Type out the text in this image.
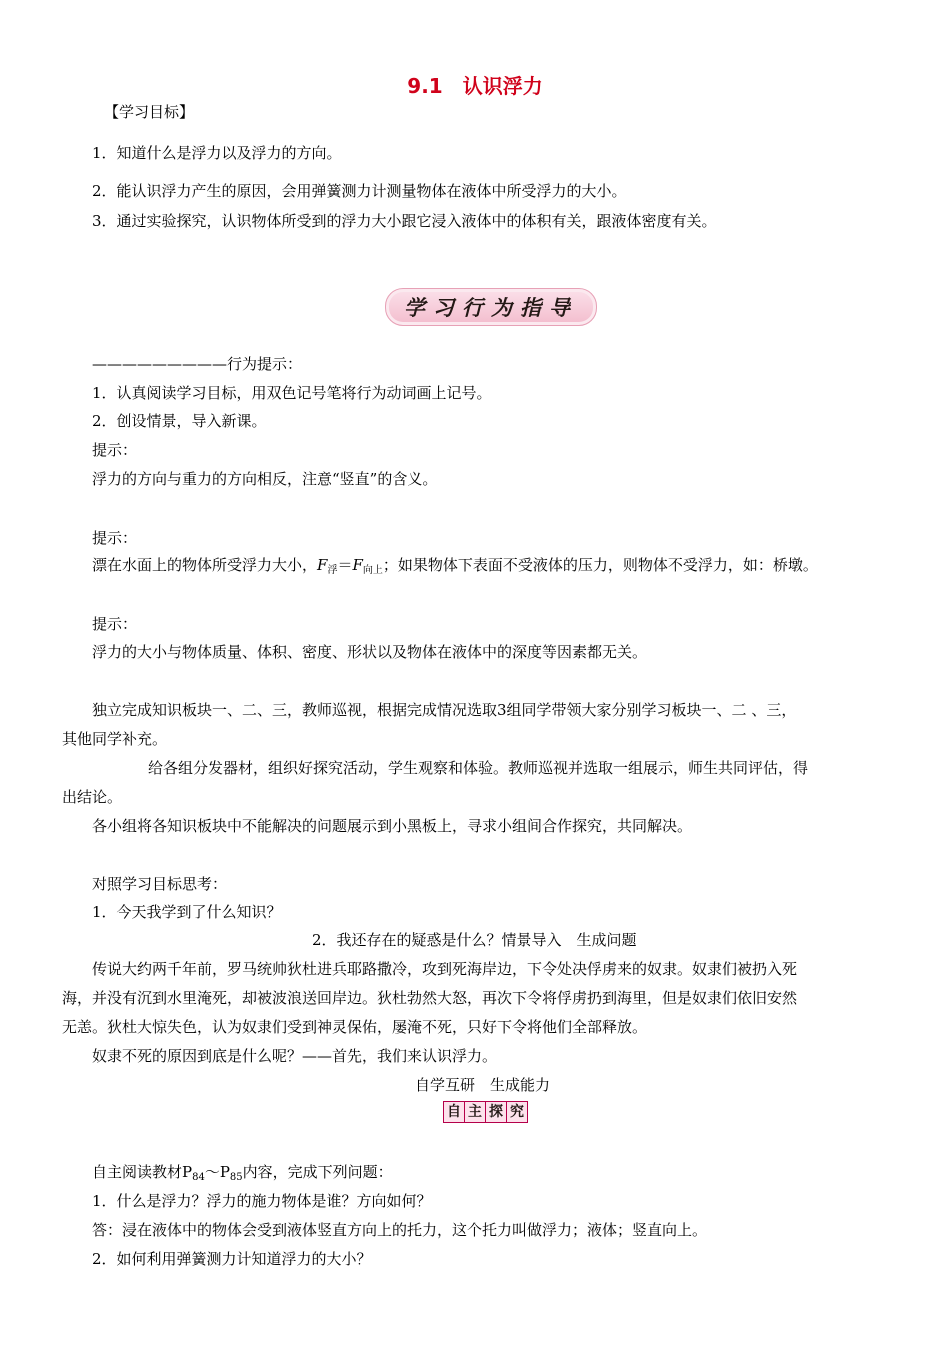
9.1　认识浮力
【学习目标】
1．知道什么是浮力以及浮力的方向。
2．能认识浮力产生的原因，会用弹簧测力计测量物体在液体中所受浮力的大小。
3．通过实验探究，认识物体所受到的浮力大小跟它浸入液体中的体积有关，跟液体密度有关。
学 习 行 为 指 导
—————————行为提示：
1．认真阅读学习目标，用双色记号笔将行为动词画上记号。
2．创设情景，导入新课。
提示：
浮力的方向与重力的方向相反，注意“竖直”的含义。
提示：
漂在水面上的物体所受浮力大小，$F_浮=F_{向上}$；如果物体下表面不受液体的压力，则物体不受浮力，如：桥墩。
提示：
浮力的大小与物体质量、体积、密度、形状以及物体在液体中的深度等因素都无关。
独立完成知识板块一、二、三，教师巡视，根据完成情况选取3组同学带领大家分别学习板块一、二 、三，
其他同学补充。
给各组分发器材，组织好探究活动，学生观察和体验。教师巡视并选取一组展示，师生共同评估，得
出结论。
各小组将各知识板块中不能解决的问题展示到小黑板上，寻求小组间合作探究，共同解决。
对照学习目标思考：
1．今天我学到了什么知识？
2．我还存在的疑惑是什么？情景导入　生成问题
传说大约两千年前，罗马统帅狄杜进兵耶路撒冷，攻到死海岸边，下令处决俘虏来的奴隶。奴隶们被扔入死
海，并没有沉到水里淹死，却被波浪送回岸边。狄杜勃然大怒，再次下令将俘虏扔到海里，但是奴隶们依旧安然
无恙。狄杜大惊失色，认为奴隶们受到神灵保佑，屡淹不死，只好下令将他们全部释放。
奴隶不死的原因到底是什么呢？——首先，我们来认识浮力。
自学互研　生成能力
自 主 探 究
自主阅读教材$P_{84}\sim P_{85}$内容，完成下列问题：
1．什么是浮力？浮力的施力物体是谁？方向如何？
答：浸在液体中的物体会受到液体竖直方向上的托力，这个托力叫做浮力；液体；竖直向上。
2．如何利用弹簧测力计知道浮力的大小？
